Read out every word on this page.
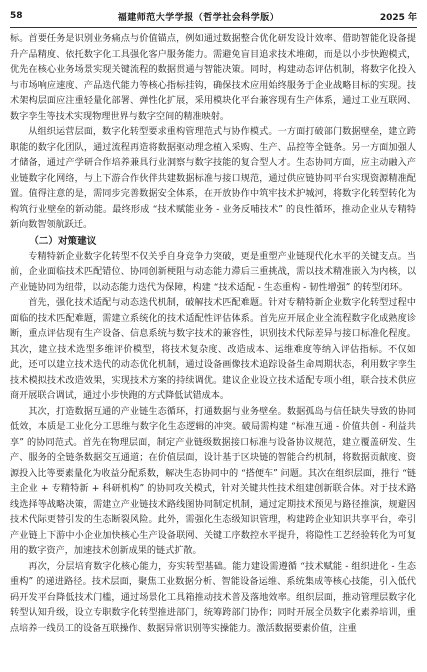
58	福建师范大学学报（哲学社会科学版）	2025 年

标。首要任务是识别业务痛点与价值锚点，例如通过数据整合优化研发设计效率、借助智能化设备提升产品精度、依托数字化工具强化客户服务能力。需避免盲目追求技术堆砌，而是以小步快跑模式，优先在核心业务场景实现关键流程的数据贯通与智能决策。同时，构建动态评估机制，将数字化投入与市场响应速度、产品迭代能力等核心指标挂钩，确保技术应用始终服务于企业战略目标的实现。技术架构层面应注重轻量化部署、弹性化扩展，采用模块化平台兼容现有生产体系，通过工业互联网、数字孪生等技术实现物理世界与数字空间的精准映射。

从组织运营层面，数字化转型要求重构管理范式与协作模式。一方面打破部门数据壁垒，建立跨职能的数字化团队，通过流程再造将数据驱动理念植入采购、生产、品控等全链条。另一方面加强人才储备，通过产学研合作培养兼具行业洞察与数字技能的复合型人才。生态协同方面，应主动融入产业链数字化网络，与上下游合作伙伴共建数据标准与接口规范，通过供应链协同平台实现资源精准配置。值得注意的是，需同步完善数据安全体系，在开放协作中筑牢技术护城河，将数字化转型转化为构筑行业壁垒的新动能。最终形成 “技术赋能业务 - 业务反哺技术” 的良性循环，推动企业从专精特新向数智领航跃迁。

（二）对策建议

专精特新企业数字化转型不仅关乎自身竞争力突破，更是重塑产业链现代化水平的关键支点。当前，企业面临技术匹配错位、协同创新梗阻与动态能力滞后三重挑战，需以技术精准嵌入为内核，以产业链协同为纽带，以动态能力迭代为保障，构建 “技术适配 - 生态重构 - 韧性增强” 的转型闭环。

首先，强化技术适配与动态迭代机制，破解技术匹配难题。针对专精特新企业数字化转型过程中面临的技术匹配难题，需建立系统化的技术适配性评估体系。首先应开展企业全流程数字化成熟度诊断，重点评估现有生产设备、信息系统与数字技术的兼容性，识别技术代际差异与接口标准化程度。其次，建立技术选型多维评价模型，将技术复杂度、改造成本、运维难度等纳入评估指标。不仅如此，还可以建立技术迭代的动态优化机制，通过设备画像技术追踪设备生命周期状态，利用数字孪生技术模拟技术改造效果，实现技术方案的持续调优。建议企业设立技术适配专项小组，联合技术供应商开展联合调试，通过小步快跑的方式降低试错成本。

其次，打造数据互通的产业链生态循环，打通数据与业务壁垒。数据孤岛与信任缺失导致的协同低效，本质是工业化分工思维与数字化生态逻辑的冲突。破局需构建 “标准互通 - 价值共创 - 利益共享” 的协同范式。首先在物理层面，制定产业链级数据接口标准与设备协议规范，建立覆盖研发、生产、服务的全链条数据交互通道；在价值层面，设计基于区块链的智能合约机制，将数据贡献度、资源投入比等要素量化为收益分配系数，解决生态协同中的 “搭便车” 问题。其次在组织层面，推行 “链主企业 + 专精特新 + 科研机构” 的协同攻关模式，针对关键共性技术组建创新联合体。对于技术路线选择等战略决策，需建立产业链技术路线图协同制定机制，通过定期技术预见与路径推演，规避因技术代际更替引发的生态断裂风险。此外，需强化生态级知识管理，构建跨企业知识共享平台，牵引产业链上下游中小企业加快核心生产设备联网、关键工序数控水平提升，将隐性工艺经验转化为可复用的数字资产，加速技术创新成果的链式扩散。

再次，分层培育数字化核心能力，夯实转型基础。能力建设需遵循 “技术赋能 - 组织进化 - 生态重构” 的递进路径。技术层面，聚焦工业数据分析、智能设备运维、系统集成等核心技能，引入低代码开发平台降低技术门槛，通过场景化工具箱推动技术普及落地效率。组织层面，推动管理层数字化转型认知升级，设立专职数字化转型推进部门，统筹跨部门协作；同时开展全员数字化素养培训，重点培养一线员工的设备互联操作、数据异常识别等实操能力。激活数据要素价值，注重
